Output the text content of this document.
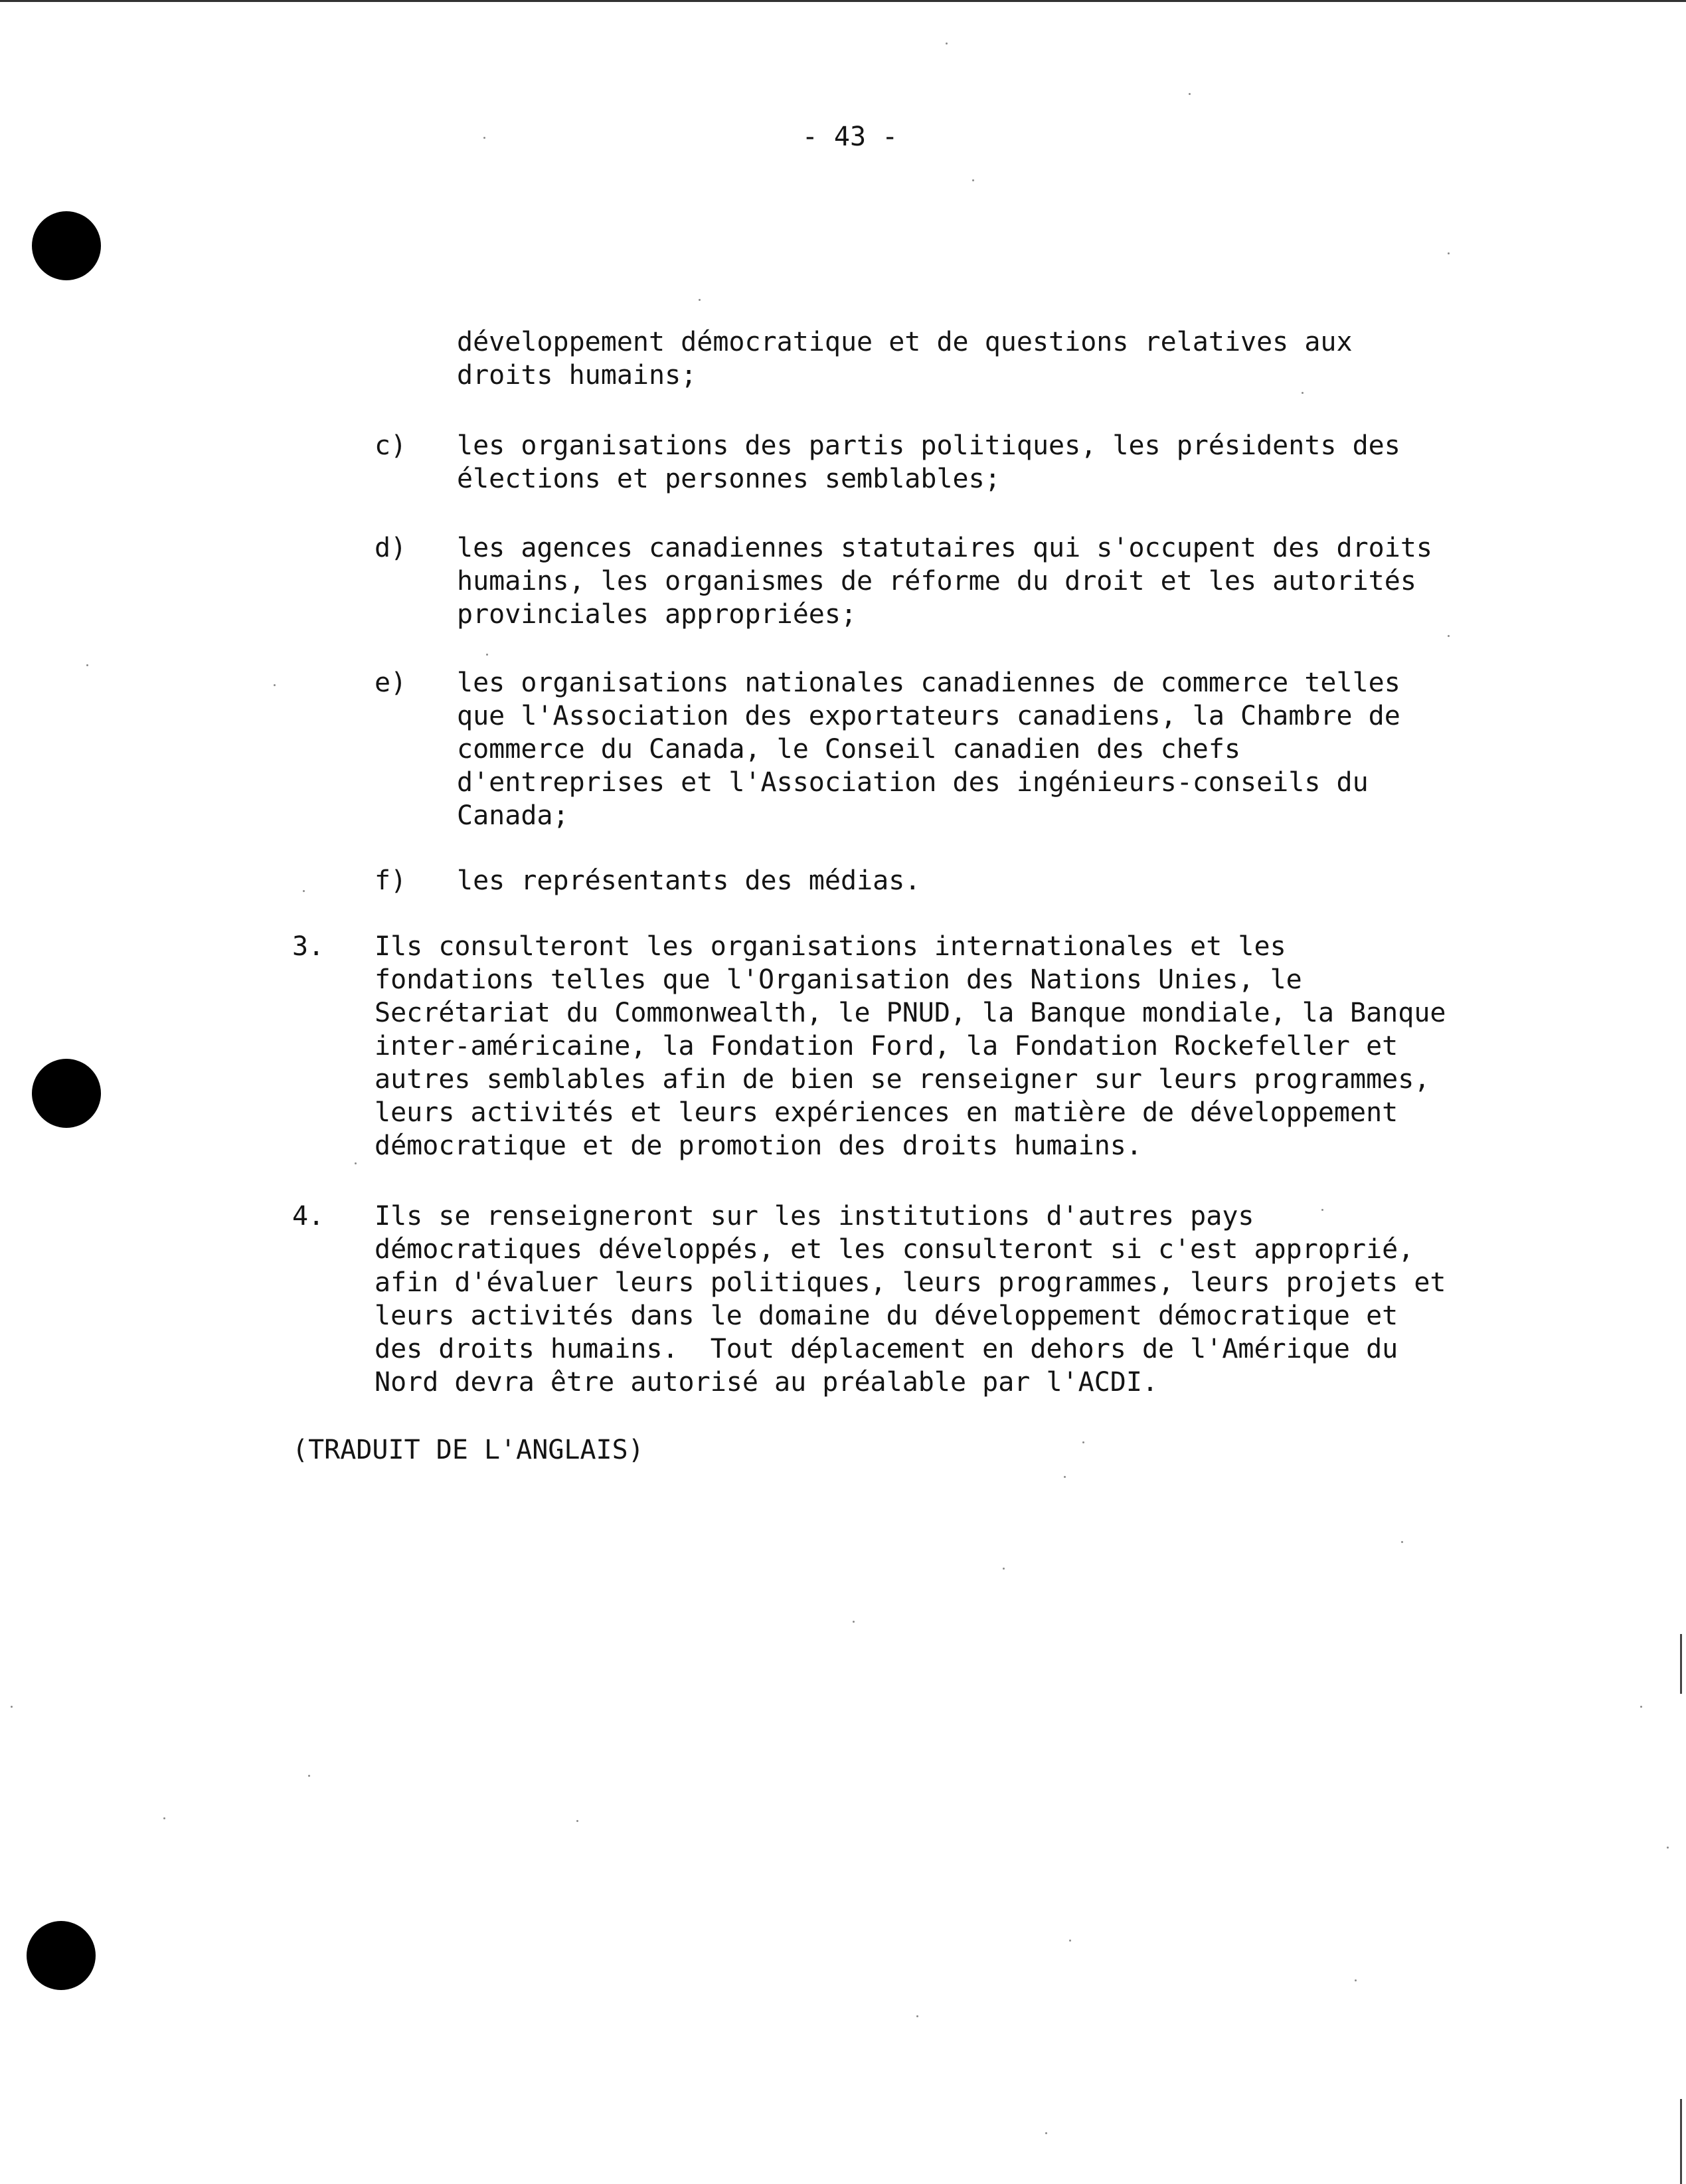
- 43 -
développement démocratique et de questions relatives aux
droits humains;
c) les organisations des partis politiques, les présidents des
élections et personnes semblables;
d) les agences canadiennes statutaires qui s'occupent des droits
humains, les organismes de réforme du droit et les autorités
provinciales appropriées;
e) les organisations nationales canadiennes de commerce telles
que l'Association des exportateurs canadiens, la Chambre de
commerce du Canada, le Conseil canadien des chefs
d'entreprises et l'Association des ingénieurs-conseils du
Canada;
f) les représentants des médias.
3. Ils consulteront les organisations internationales et les
fondations telles que l'Organisation des Nations Unies, le
Secrétariat du Commonwealth, le PNUD, la Banque mondiale, la Banque
inter-américaine, la Fondation Ford, la Fondation Rockefeller et
autres semblables afin de bien se renseigner sur leurs programmes,
leurs activités et leurs expériences en matière de développement
démocratique et de promotion des droits humains.
4. Ils se renseigneront sur les institutions d'autres pays
démocratiques développés, et les consulteront si c'est approprié,
afin d'évaluer leurs politiques, leurs programmes, leurs projets et
leurs activités dans le domaine du développement démocratique et
des droits humains.  Tout déplacement en dehors de l'Amérique du
Nord devra être autorisé au préalable par l'ACDI.
(TRADUIT DE L'ANGLAIS)
